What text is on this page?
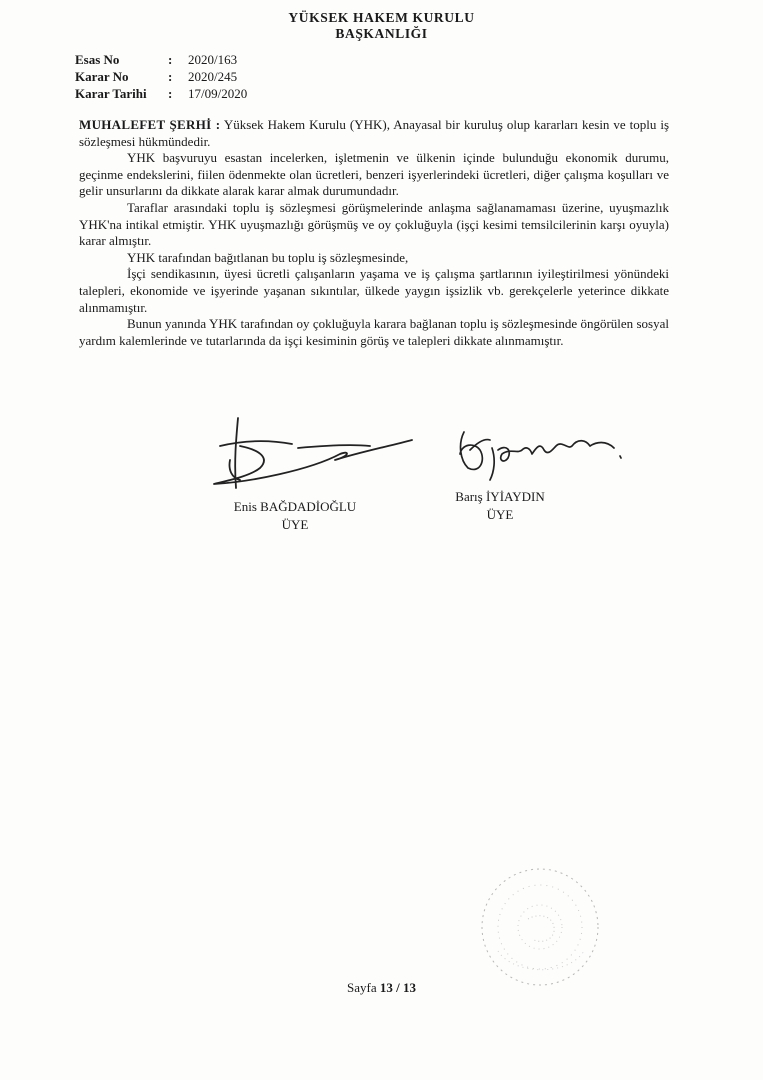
YÜKSEK HAKEM KURULU
BAŞKANLIĞI
Esas No	: 2020/163
Karar No	: 2020/245
Karar Tarihi : 17/09/2020

MUHALEFET ŞERHİ : Yüksek Hakem Kurulu (YHK), Anayasal bir kuruluş olup kararları kesin ve toplu iş sözleşmesi hükmündedir.

YHK başvuruyu esastan incelerken, işletmenin ve ülkenin içinde bulunduğu ekonomik durumu, geçinme endekslerini, fiilen ödenmekte olan ücretleri, benzeri işyerlerindeki ücretleri, diğer çalışma koşulları ve gelir unsurlarını da dikkate alarak karar almak durumundadır.

Taraflar arasındaki toplu iş sözleşmesi görüşmelerinde anlaşma sağlanamaması üzerine, uyuşmazlık YHK'na intikal etmiştir. YHK uyuşmazlığı görüşmüş ve oy çokluğuyla (işçi kesimi temsilcilerinin karşı oyuyla) karar almıştır.

YHK tarafından bağıtlanan bu toplu iş sözleşmesinde,

İşçi sendikasının, üyesi ücretli çalışanların yaşama ve iş çalışma şartlarının iyileştirilmesi yönündeki talepleri, ekonomide ve işyerinde yaşanan sıkıntılar, ülkede yaygın işsizlik vb. gerekçelerle yeterince dikkate alınmamıştır.

Bunun yanında YHK tarafından oy çokluğuyla karara bağlanan toplu iş sözleşmesinde öngörülen sosyal yardım kalemlerinde ve tutarlarında da işçi kesiminin görüş ve talepleri dikkate alınmamıştır.

Enis BAĞDADİOĞLU
ÜYE
Barış İYİAYDIN
ÜYE
Sayfa 13 / 13
